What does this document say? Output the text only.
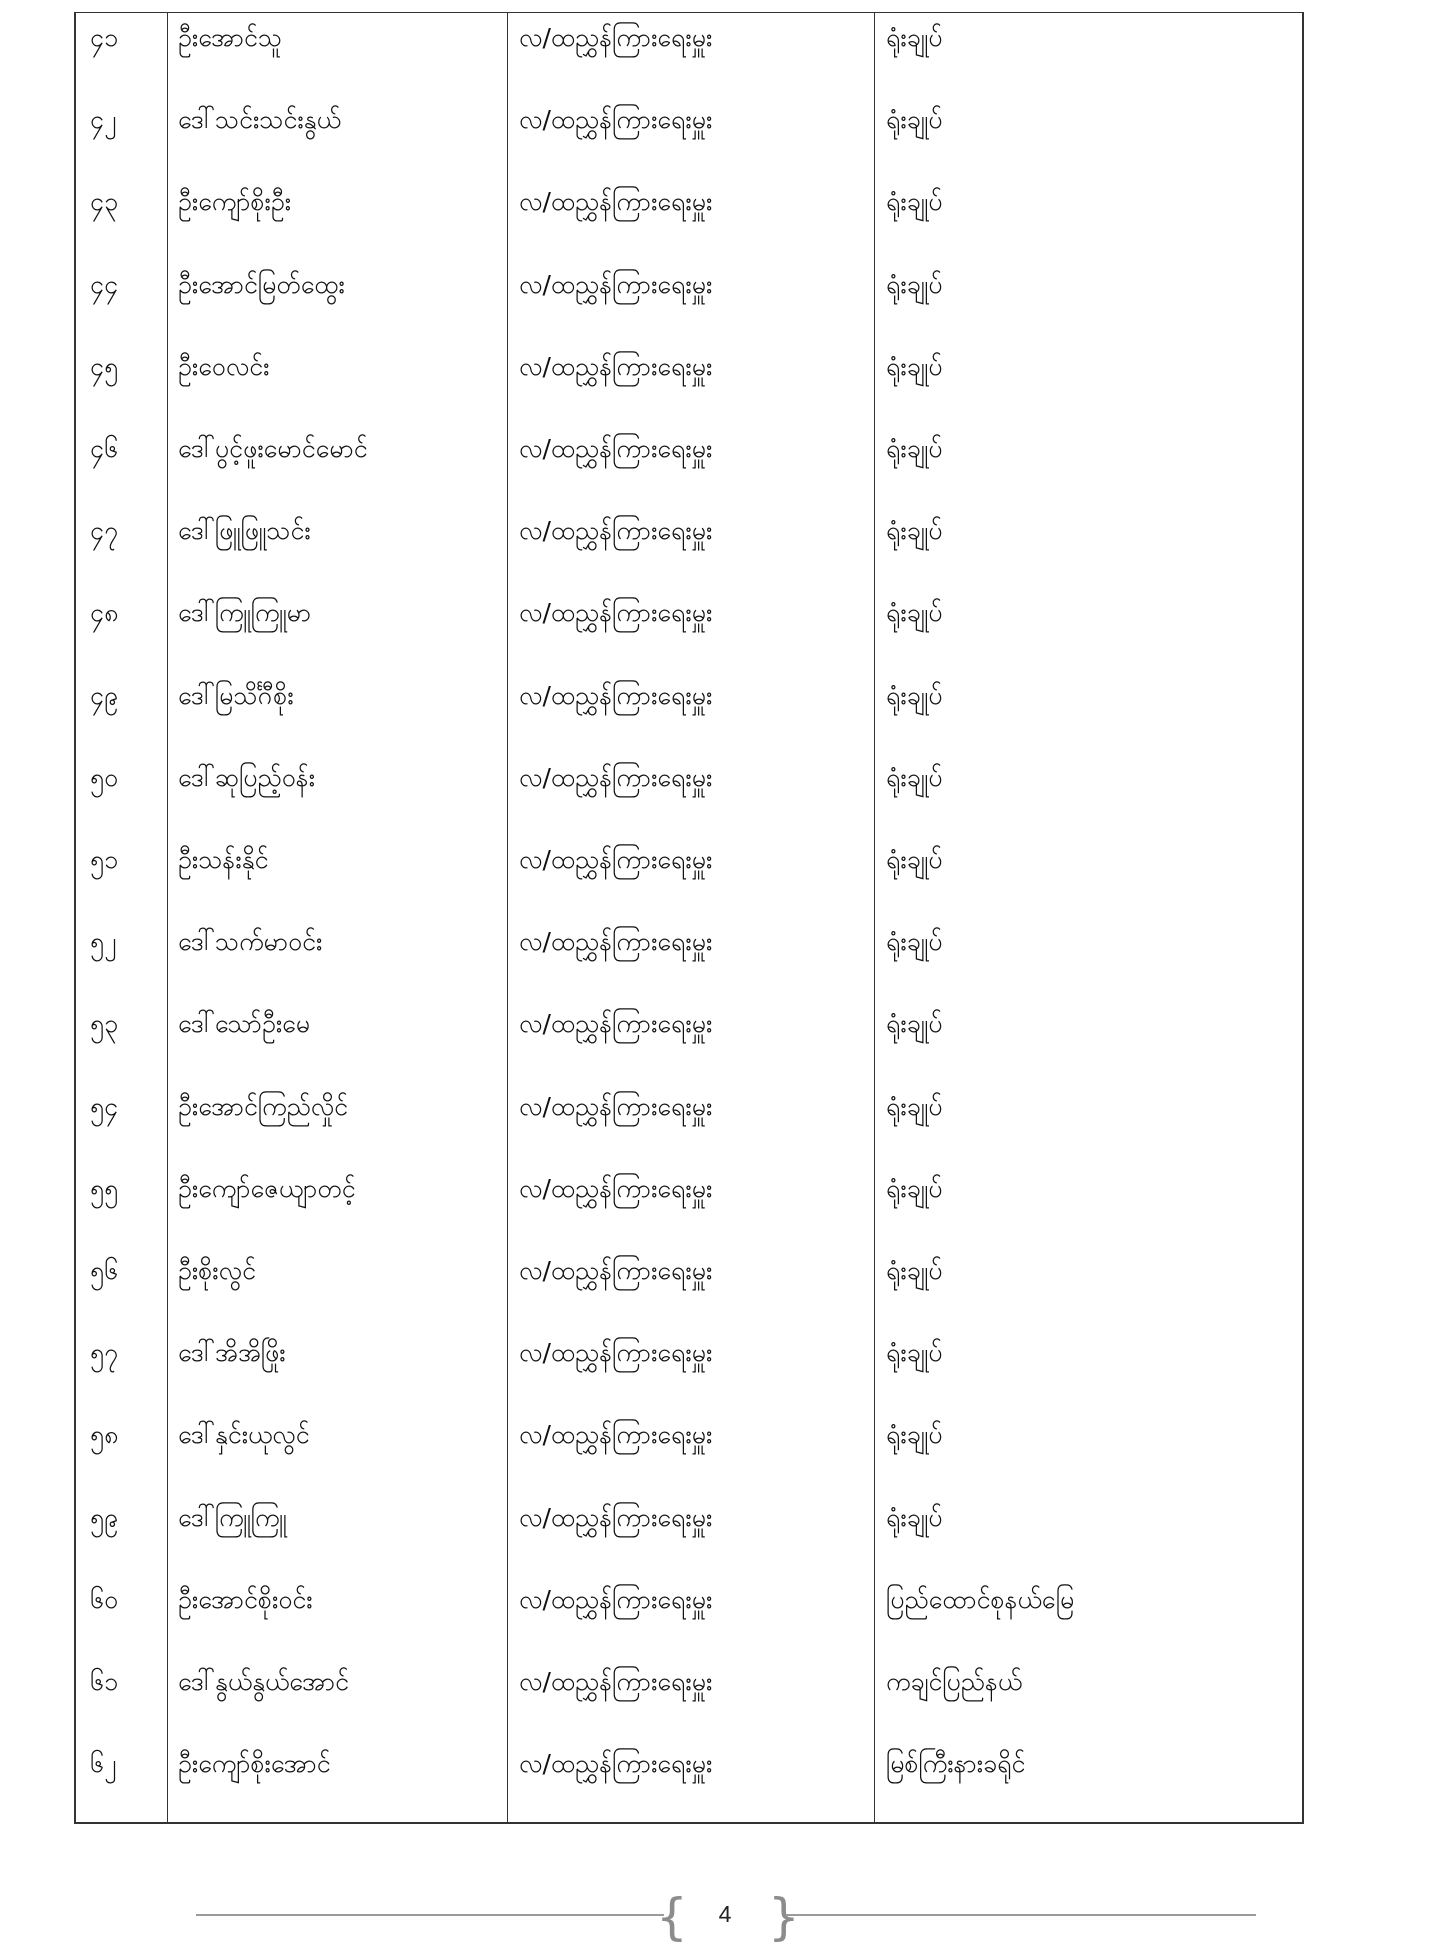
၄၁ ဦးအောင်သူ	လ/ထညွှန်ကြားရေးမှူး	ရုံးချုပ်
၄၂ ဒေါ်သင်းသင်းနွယ်	လ/ထညွှန်ကြားရေးမှူး	ရုံးချုပ်
၄၃ ဦးကျော်စိုးဦး	လ/ထညွှန်ကြားရေးမှူး	ရုံးချုပ်
၄၄ ဦးအောင်မြတ်ထွေး	လ/ထညွှန်ကြားရေးမှူး	ရုံးချုပ်
၄၅ ဦးဝေလင်း	လ/ထညွှန်ကြားရေးမှူး	ရုံးချုပ်
၄၆ ဒေါ်ပွင့်ဖူးမောင်မောင်	လ/ထညွှန်ကြားရေးမှူး	ရုံးချုပ်
၄၇ ဒေါ်ဖြူဖြူသင်း	လ/ထညွှန်ကြားရေးမှူး	ရုံးချုပ်
၄၈ ဒေါ်ကြူကြူမာ	လ/ထညွှန်ကြားရေးမှူး	ရုံးချုပ်
၄၉ ဒေါ်မြသိင်္ဂီစိုး	လ/ထညွှန်ကြားရေးမှူး	ရုံးချုပ်
၅၀ ဒေါ်ဆုပြည့်ဝန်း	လ/ထညွှန်ကြားရေးမှူး	ရုံးချုပ်
၅၁ ဦးသန်းနိုင်	လ/ထညွှန်ကြားရေးမှူး	ရုံးချုပ်
၅၂ ဒေါ်သက်မာဝင်း	လ/ထညွှန်ကြားရေးမှူး	ရုံးချုပ်
၅၃ ဒေါ်သော်ဦးမေ	လ/ထညွှန်ကြားရေးမှူး	ရုံးချုပ်
၅၄ ဦးအောင်ကြည်လှိုင်	လ/ထညွှန်ကြားရေးမှူး	ရုံးချုပ်
၅၅ ဦးကျော်ဇေယျာတင့်	လ/ထညွှန်ကြားရေးမှူး	ရုံးချုပ်
၅၆ ဦးစိုးလွင်	လ/ထညွှန်ကြားရေးမှူး	ရုံးချုပ်
၅၇ ဒေါ်အိအိဖြိုး	လ/ထညွှန်ကြားရေးမှူး	ရုံးချုပ်
၅၈ ဒေါ်နှင်းယုလွင်	လ/ထညွှန်ကြားရေးမှူး	ရုံးချုပ်
၅၉ ဒေါ်ကြူကြူ	လ/ထညွှန်ကြားရေးမှူး	ရုံးချုပ်
၆၀ ဦးအောင်စိုးဝင်း	လ/ထညွှန်ကြားရေးမှူး	ပြည်ထောင်စုနယ်မြေ
၆၁ ဒေါ်နွယ်နွယ်အောင်	လ/ထညွှန်ကြားရေးမှူး	ကချင်ပြည်နယ်
၆၂ ဦးကျော်စိုးအောင်	လ/ထညွှန်ကြားရေးမှူး	မြစ်ကြီးနားခရိုင်
{	4 }
